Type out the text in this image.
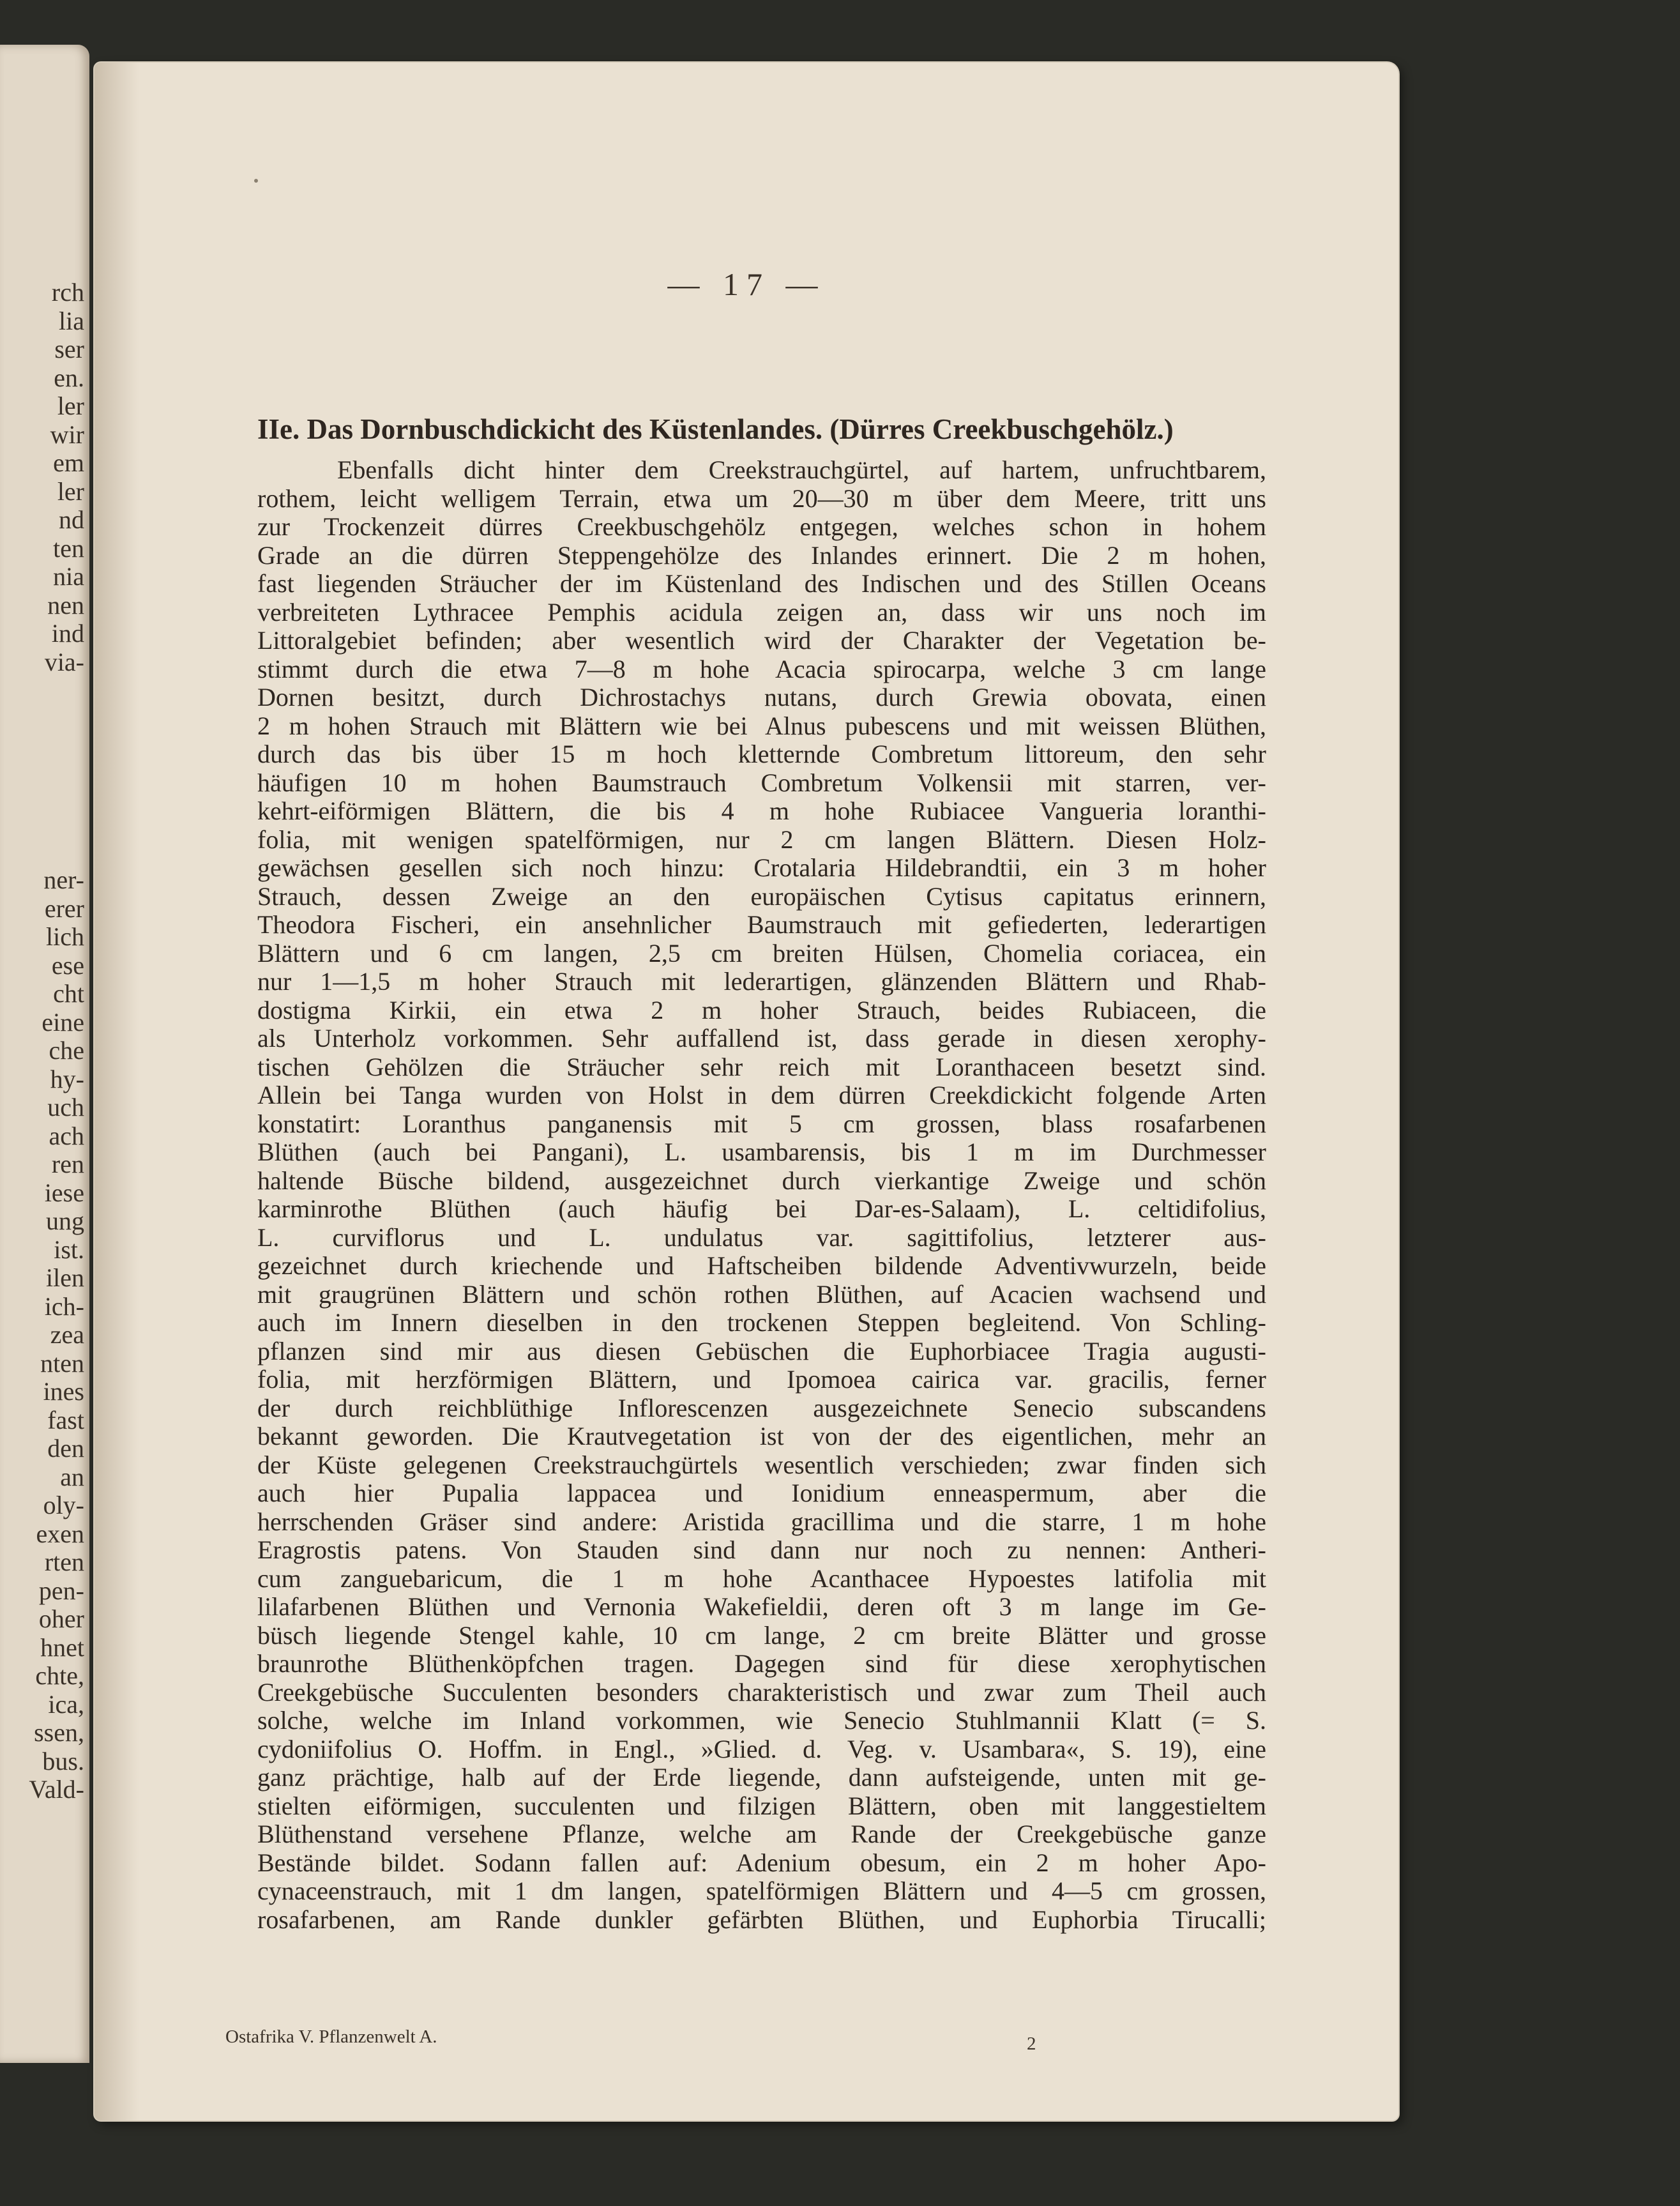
rch
lia
ser
en.
ler
wir
em
ler
nd
ten
nia
nen
ind
via-
ner-
erer
lich
ese
cht
eine
che
hy-
uch
ach
ren
iese
ung
ist.
ilen
ich-
zea
nten
ines
fast
den
an
oly-
exen
rten
pen-
oher
hnet
chte,
ica,
ssen,
bus.
Vald-
— 17 —
IIe. Das Dornbuschdickicht des Küstenlandes. (Dürres Creekbuschgehölz.)
Ebenfalls dicht hinter dem Creekstrauchgürtel, auf hartem, unfruchtbarem,
rothem, leicht welligem Terrain, etwa um 20—30 m über dem Meere, tritt uns
zur Trockenzeit dürres Creekbuschgehölz entgegen, welches schon in hohem
Grade an die dürren Steppengehölze des Inlandes erinnert. Die 2 m hohen,
fast liegenden Sträucher der im Küstenland des Indischen und des Stillen Oceans
verbreiteten Lythracee Pemphis acidula zeigen an, dass wir uns noch im
Littoralgebiet befinden; aber wesentlich wird der Charakter der Vegetation be-
stimmt durch die etwa 7—8 m hohe Acacia spirocarpa, welche 3 cm lange
Dornen besitzt, durch Dichrostachys nutans, durch Grewia obovata, einen
2 m hohen Strauch mit Blättern wie bei Alnus pubescens und mit weissen Blüthen,
durch das bis über 15 m hoch kletternde Combretum littoreum, den sehr
häufigen 10 m hohen Baumstrauch Combretum Volkensii mit starren, ver-
kehrt-eiförmigen Blättern, die bis 4 m hohe Rubiacee Vangueria loranthi-
folia, mit wenigen spatelförmigen, nur 2 cm langen Blättern. Diesen Holz-
gewächsen gesellen sich noch hinzu: Crotalaria Hildebrandtii, ein 3 m hoher
Strauch, dessen Zweige an den europäischen Cytisus capitatus erinnern,
Theodora Fischeri, ein ansehnlicher Baumstrauch mit gefiederten, lederartigen
Blättern und 6 cm langen, 2,5 cm breiten Hülsen, Chomelia coriacea, ein
nur 1—1,5 m hoher Strauch mit lederartigen, glänzenden Blättern und Rhab-
dostigma Kirkii, ein etwa 2 m hoher Strauch, beides Rubiaceen, die
als Unterholz vorkommen. Sehr auffallend ist, dass gerade in diesen xerophy-
tischen Gehölzen die Sträucher sehr reich mit Loranthaceen besetzt sind.
Allein bei Tanga wurden von Holst in dem dürren Creekdickicht folgende Arten
konstatirt: Loranthus panganensis mit 5 cm grossen, blass rosafarbenen
Blüthen (auch bei Pangani), L. usambarensis, bis 1 m im Durchmesser
haltende Büsche bildend, ausgezeichnet durch vierkantige Zweige und schön
karminrothe Blüthen (auch häufig bei Dar-es-Salaam), L. celtidifolius,
L. curviflorus und L. undulatus var. sagittifolius, letzterer aus-
gezeichnet durch kriechende und Haftscheiben bildende Adventivwurzeln, beide
mit graugrünen Blättern und schön rothen Blüthen, auf Acacien wachsend und
auch im Innern dieselben in den trockenen Steppen begleitend. Von Schling-
pflanzen sind mir aus diesen Gebüschen die Euphorbiacee Tragia augusti-
folia, mit herzförmigen Blättern, und Ipomoea cairica var. gracilis, ferner
der durch reichblüthige Inflorescenzen ausgezeichnete Senecio subscandens
bekannt geworden. Die Krautvegetation ist von der des eigentlichen, mehr an
der Küste gelegenen Creekstrauchgürtels wesentlich verschieden; zwar finden sich
auch hier Pupalia lappacea und Ionidium enneaspermum, aber die
herrschenden Gräser sind andere: Aristida gracillima und die starre, 1 m hohe
Eragrostis patens. Von Stauden sind dann nur noch zu nennen: Antheri-
cum zanguebaricum, die 1 m hohe Acanthacee Hypoestes latifolia mit
lilafarbenen Blüthen und Vernonia Wakefieldii, deren oft 3 m lange im Ge-
büsch liegende Stengel kahle, 10 cm lange, 2 cm breite Blätter und grosse
braunrothe Blüthenköpfchen tragen. Dagegen sind für diese xerophytischen
Creekgebüsche Succulenten besonders charakteristisch und zwar zum Theil auch
solche, welche im Inland vorkommen, wie Senecio Stuhlmannii Klatt (= S.
cydoniifolius O. Hoffm. in Engl., »Glied. d. Veg. v. Usambara«, S. 19), eine
ganz prächtige, halb auf der Erde liegende, dann aufsteigende, unten mit ge-
stielten eiförmigen, succulenten und filzigen Blättern, oben mit langgestieltem
Blüthenstand versehene Pflanze, welche am Rande der Creekgebüsche ganze
Bestände bildet. Sodann fallen auf: Adenium obesum, ein 2 m hoher Apo-
cynaceenstrauch, mit 1 dm langen, spatelförmigen Blättern und 4—5 cm grossen,
rosafarbenen, am Rande dunkler gefärbten Blüthen, und Euphorbia Tirucalli;
Ostafrika V. Pflanzenwelt A.	2
